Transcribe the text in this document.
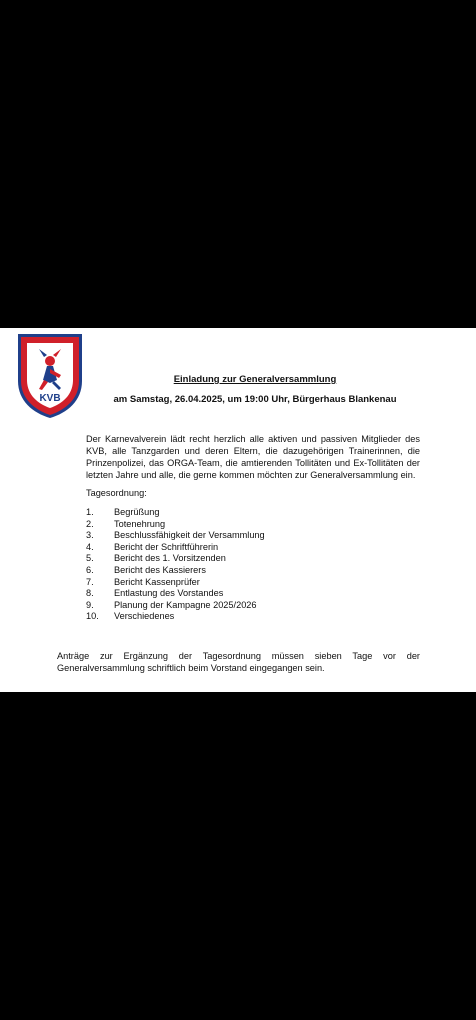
KVB
Einladung zur Generalversammlung
am Samstag, 26.04.2025, um 19:00 Uhr, Bürgerhaus Blankenau
Der Karnevalverein lädt recht herzlich alle aktiven und passiven Mitglieder des KVB, alle Tanzgarden und deren Eltern, die dazugehörigen Trainerinnen, die Prinzenpolizei, das ORGA-Team, die amtierenden Tollitäten und Ex-Tollitäten der letzten Jahre und alle, die gerne kommen möchten zur Generalversammlung ein.
Tagesordnung:
1. Begrüßung
2. Totenehrung
3. Beschlussfähigkeit der Versammlung
4. Bericht der Schriftführerin
5. Bericht des 1. Vorsitzenden
6. Bericht des Kassierers
7. Bericht Kassenprüfer
8. Entlastung des Vorstandes
9. Planung der Kampagne 2025/2026
10. Verschiedenes
Anträge zur Ergänzung der Tagesordnung müssen sieben Tage vor der Generalversammlung schriftlich beim Vorstand eingegangen sein.
